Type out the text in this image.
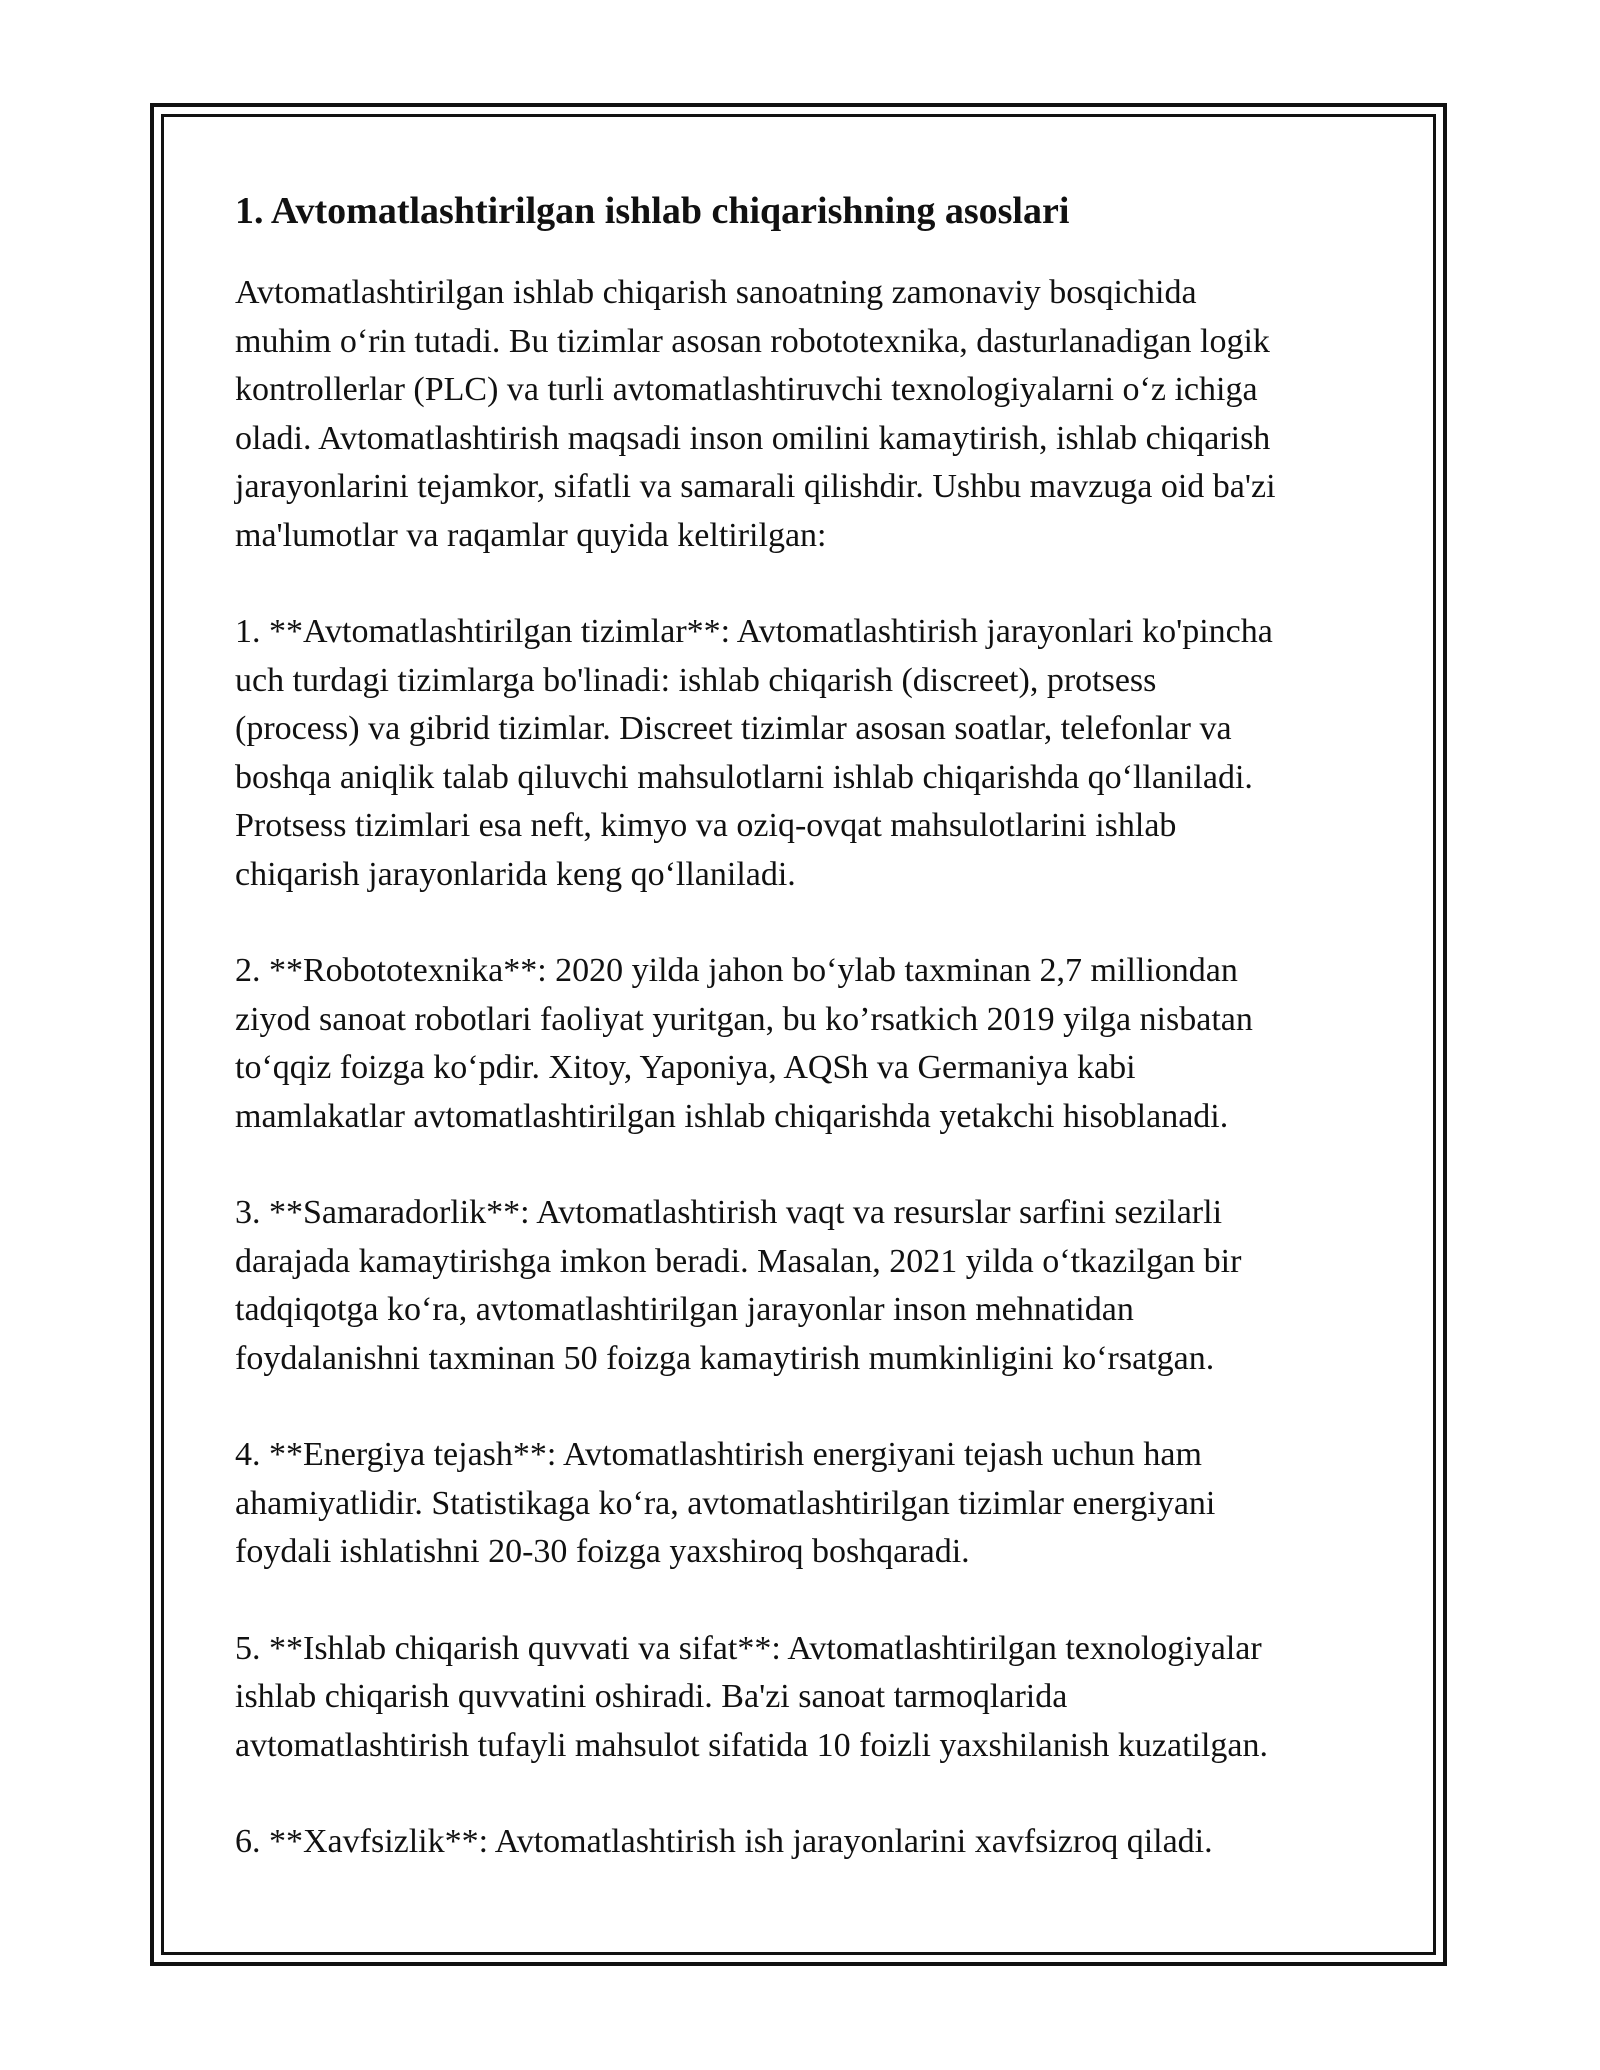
1. Avtomatlashtirilgan ishlab chiqarishning asoslari

Avtomatlashtirilgan ishlab chiqarish sanoatning zamonaviy bosqichida
muhim o‘rin tutadi. Bu tizimlar asosan robototexnika, dasturlanadigan logik
kontrollerlar (PLC) va turli avtomatlashtiruvchi texnologiyalarni o‘z ichiga
oladi. Avtomatlashtirish maqsadi inson omilini kamaytirish, ishlab chiqarish
jarayonlarini tejamkor, sifatli va samarali qilishdir. Ushbu mavzuga oid ba'zi
ma'lumotlar va raqamlar quyida keltirilgan:

1. **Avtomatlashtirilgan tizimlar**: Avtomatlashtirish jarayonlari ko'pincha
uch turdagi tizimlarga bo'linadi: ishlab chiqarish (discreet), protsess
(process) va gibrid tizimlar. Discreet tizimlar asosan soatlar, telefonlar va
boshqa aniqlik talab qiluvchi mahsulotlarni ishlab chiqarishda qo‘llaniladi.
Protsess tizimlari esa neft, kimyo va oziq-ovqat mahsulotlarini ishlab
chiqarish jarayonlarida keng qo‘llaniladi.

2. **Robototexnika**: 2020 yilda jahon bo‘ylab taxminan 2,7 milliondan
ziyod sanoat robotlari faoliyat yuritgan, bu ko’rsatkich 2019 yilga nisbatan
to‘qqiz foizga ko‘pdir. Xitoy, Yaponiya, AQSh va Germaniya kabi
mamlakatlar avtomatlashtirilgan ishlab chiqarishda yetakchi hisoblanadi.

3. **Samaradorlik**: Avtomatlashtirish vaqt va resurslar sarfini sezilarli
darajada kamaytirishga imkon beradi. Masalan, 2021 yilda o‘tkazilgan bir
tadqiqotga ko‘ra, avtomatlashtirilgan jarayonlar inson mehnatidan
foydalanishni taxminan 50 foizga kamaytirish mumkinligini ko‘rsatgan.

4. **Energiya tejash**: Avtomatlashtirish energiyani tejash uchun ham
ahamiyatlidir. Statistikaga ko‘ra, avtomatlashtirilgan tizimlar energiyani
foydali ishlatishni 20-30 foizga yaxshiroq boshqaradi.

5. **Ishlab chiqarish quvvati va sifat**: Avtomatlashtirilgan texnologiyalar
ishlab chiqarish quvvatini oshiradi. Ba'zi sanoat tarmoqlarida
avtomatlashtirish tufayli mahsulot sifatida 10 foizli yaxshilanish kuzatilgan.

6. **Xavfsizlik**: Avtomatlashtirish ish jarayonlarini xavfsizroq qiladi.
